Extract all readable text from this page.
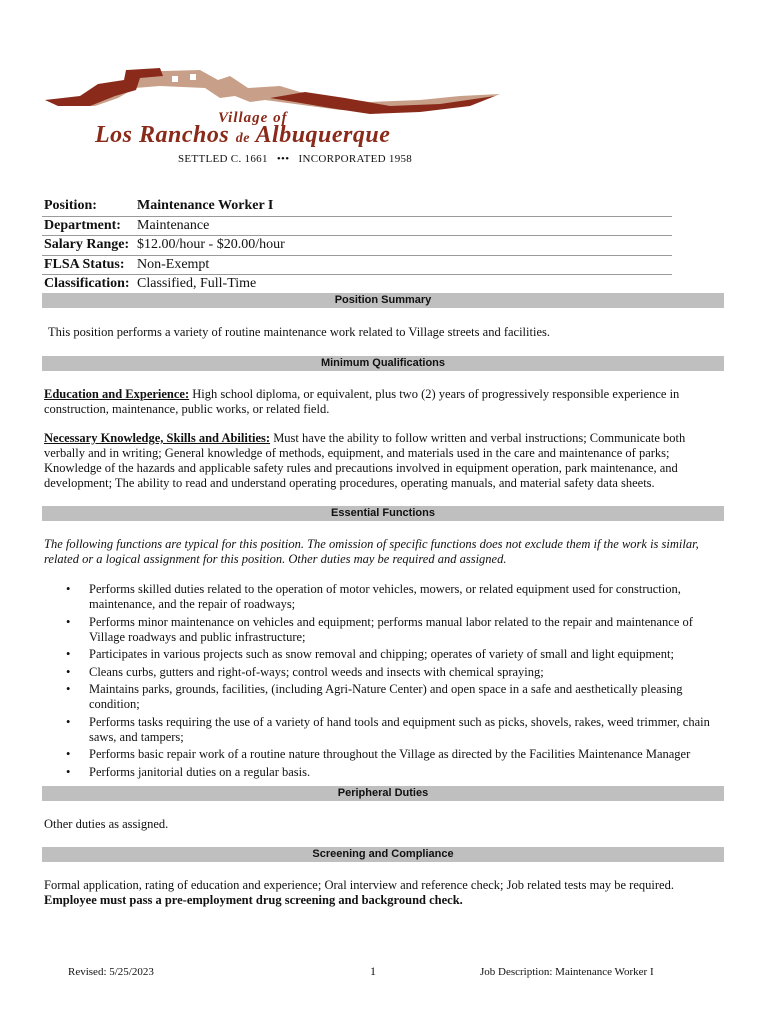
Village of
Los Ranchos de Albuquerque
SETTLED C. 1661 ••• INCORPORATED 1958
Position:	Maintenance Worker I
Department: Maintenance
Salary Range: $12.00/hour - $20.00/hour
FLSA Status: Non-Exempt
Classification: Classified, Full-Time
Position Summary
This position performs a variety of routine maintenance work related to Village streets and facilities.
Minimum Qualifications
Education and Experience: High school diploma, or equivalent, plus two (2) years of progressively responsible experience in construction, maintenance, public works, or related field.
Necessary Knowledge, Skills and Abilities: Must have the ability to follow written and verbal instructions; Communicate both verbally and in writing; General knowledge of methods, equipment, and materials used in the care and maintenance of parks; Knowledge of the hazards and applicable safety rules and precautions involved in equipment operation, park maintenance, and development; The ability to read and understand operating procedures, operating manuals, and material safety data sheets.
Essential Functions
The following functions are typical for this position. The omission of specific functions does not exclude them if the work is similar, related or a logical assignment for this position. Other duties may be required and assigned.
• Performs skilled duties related to the operation of motor vehicles, mowers, or related equipment used for construction, maintenance, and the repair of roadways;
• Performs minor maintenance on vehicles and equipment; performs manual labor related to the repair and maintenance of Village roadways and public infrastructure;
• Participates in various projects such as snow removal and chipping; operates of variety of small and light equipment;
• Cleans curbs, gutters and right-of-ways; control weeds and insects with chemical spraying;
• Maintains parks, grounds, facilities, (including Agri-Nature Center) and open space in a safe and aesthetically pleasing condition;
• Performs tasks requiring the use of a variety of hand tools and equipment such as picks, shovels, rakes, weed trimmer, chain saws, and tampers;
• Performs basic repair work of a routine nature throughout the Village as directed by the Facilities Maintenance Manager
• Performs janitorial duties on a regular basis.
Peripheral Duties
Other duties as assigned.
Screening and Compliance
Formal application, rating of education and experience; Oral interview and reference check; Job related tests may be required.
Employee must pass a pre-employment drug screening and background check.
Revised: 5/25/2023	1	Job Description: Maintenance Worker I
